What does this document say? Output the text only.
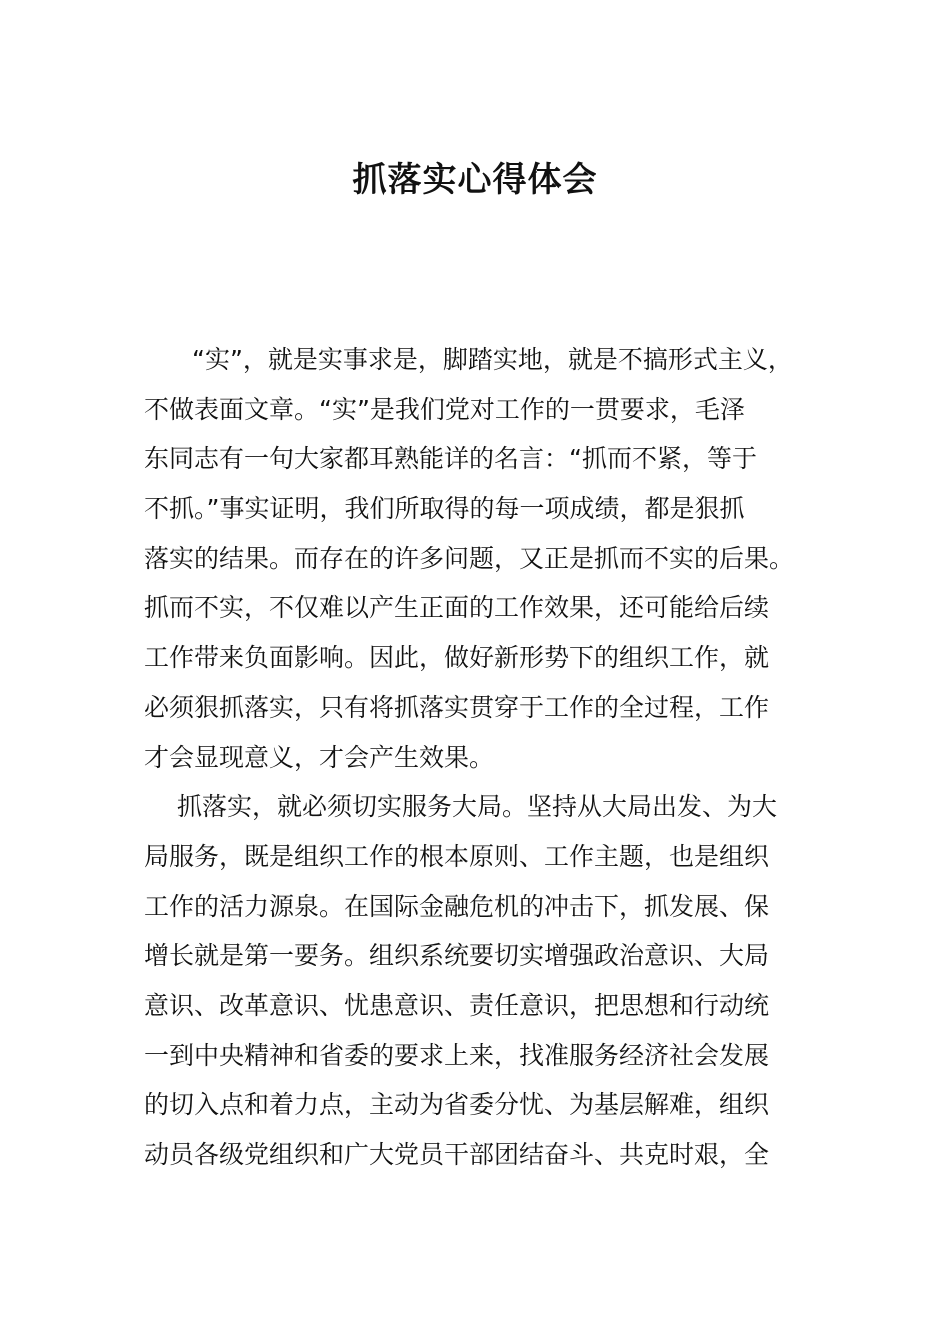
抓落实心得体会

“实”，就是实事求是，脚踏实地，就是不搞形式主义，

不做表面文章。“实”是我们党对工作的一贯要求，毛泽

东同志有一句大家都耳熟能详的名言：“抓而不紧，等于

不抓。”事实证明，我们所取得的每一项成绩，都是狠抓

落实的结果。而存在的许多问题，又正是抓而不实的后果。

抓而不实，不仅难以产生正面的工作效果，还可能给后续

工作带来负面影响。因此，做好新形势下的组织工作，就

必须狠抓落实，只有将抓落实贯穿于工作的全过程，工作

才会显现意义，才会产生效果。

抓落实，就必须切实服务大局。坚持从大局出发、为大

局服务，既是组织工作的根本原则、工作主题，也是组织

工作的活力源泉。在国际金融危机的冲击下，抓发展、保

增长就是第一要务。组织系统要切实增强政治意识、大局

意识、改革意识、忧患意识、责任意识，把思想和行动统

一到中央精神和省委的要求上来，找准服务经济社会发展

的切入点和着力点，主动为省委分忧、为基层解难，组织

动员各级党组织和广大党员干部团结奋斗、共克时艰，全
